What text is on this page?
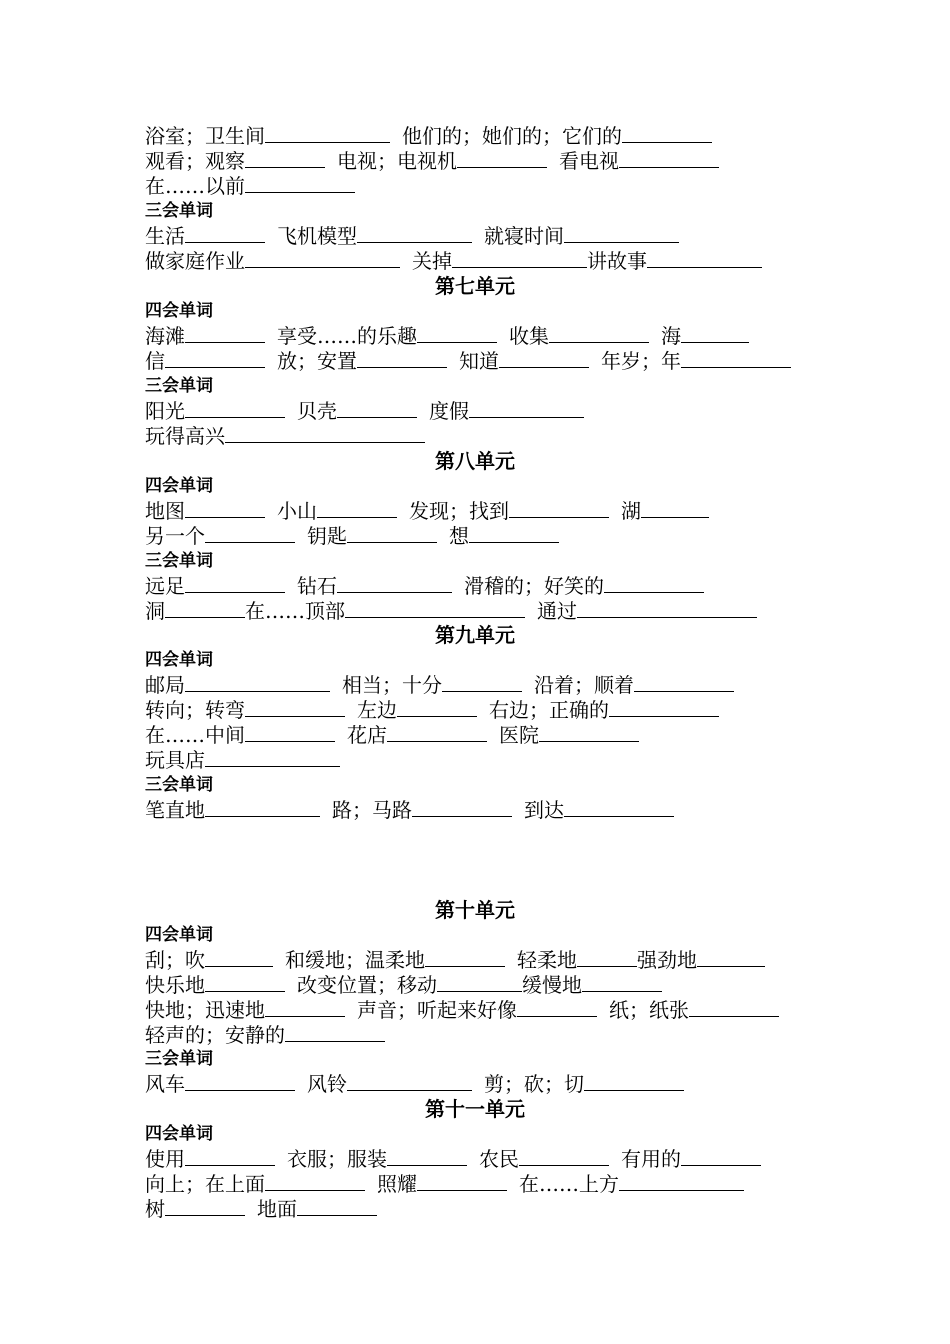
浴室；卫生间	他们的；她们的；它们的
观看；观察	电视；电视机	看电视
在……以前
三会单词
生活	飞机模型	就寝时间
做家庭作业	关掉	讲故事
第七单元
四会单词
海滩	享受……的乐趣	收集	海
信	放；安置	知道	年岁；年
三会单词
阳光	贝壳	度假
玩得高兴
第八单元
四会单词
地图	小山	发现；找到	湖
另一个	钥匙	想
三会单词
远足	钻石	滑稽的；好笑的
洞	在……顶部	通过
第九单元
四会单词
邮局	相当；十分	沿着；顺着
转向；转弯	左边	右边；正确的
在……中间	花店	医院
玩具店
三会单词
笔直地	路；马路	到达
第十单元
四会单词
刮；吹	和缓地；温柔地	轻柔地	强劲地
快乐地	改变位置；移动	缓慢地
快地；迅速地	声音；听起来好像	纸；纸张
轻声的；安静的
三会单词
风车	风铃	剪；砍；切
第十一单元
四会单词
使用	衣服；服装	农民	有用的
向上；在上面	照耀	在……上方
树	地面
